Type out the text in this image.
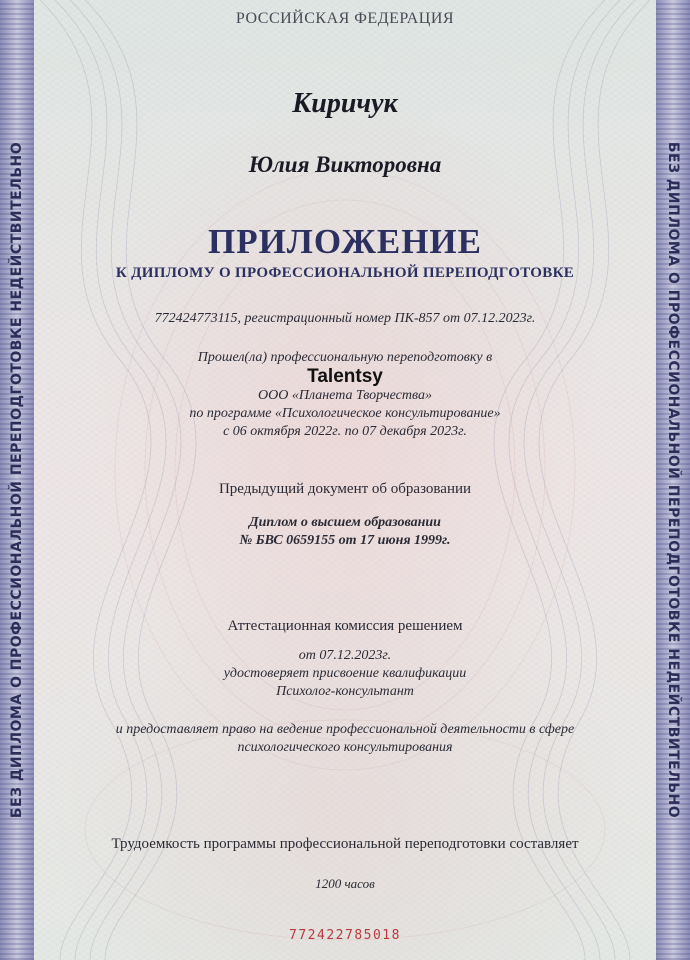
БЕЗ ДИПЛОМА О ПРОФЕССИОНАЛЬНОЙ ПЕРЕПОДГОТОВКЕ НЕДЕЙСТВИТЕЛЬНО	БЕЗ ДИПЛОМА О ПРОФЕССИОНАЛЬНОЙ ПЕРЕПОДГОТОВКЕ НЕДЕЙСТВИТЕЛЬНО
РОССИЙСКАЯ ФЕДЕРАЦИЯ
Киричук
Юлия Викторовна
ПРИЛОЖЕНИЕ
К ДИПЛОМУ О ПРОФЕССИОНАЛЬНОЙ ПЕРЕПОДГОТОВКЕ
772424773115, регистрационный номер ПК-857 от 07.12.2023г.
Прошел(ла) профессиональную переподготовку в
Talentsy
ООО «Планета Творчества»
по программе «Психологическое консультирование»
с 06 октября 2022г. по 07 декабря 2023г.
Предыдущий документ об образовании
Диплом о высшем образовании
№ БВС 0659155 от 17 июня 1999г.
Аттестационная комиссия решением
от 07.12.2023г.
удостоверяет присвоение квалификации
Психолог-консультант
и предоставляет право на ведение профессиональной деятельности в сфере
психологического консультирования
Трудоемкость программы профессиональной переподготовки составляет
1200 часов
772422785018
